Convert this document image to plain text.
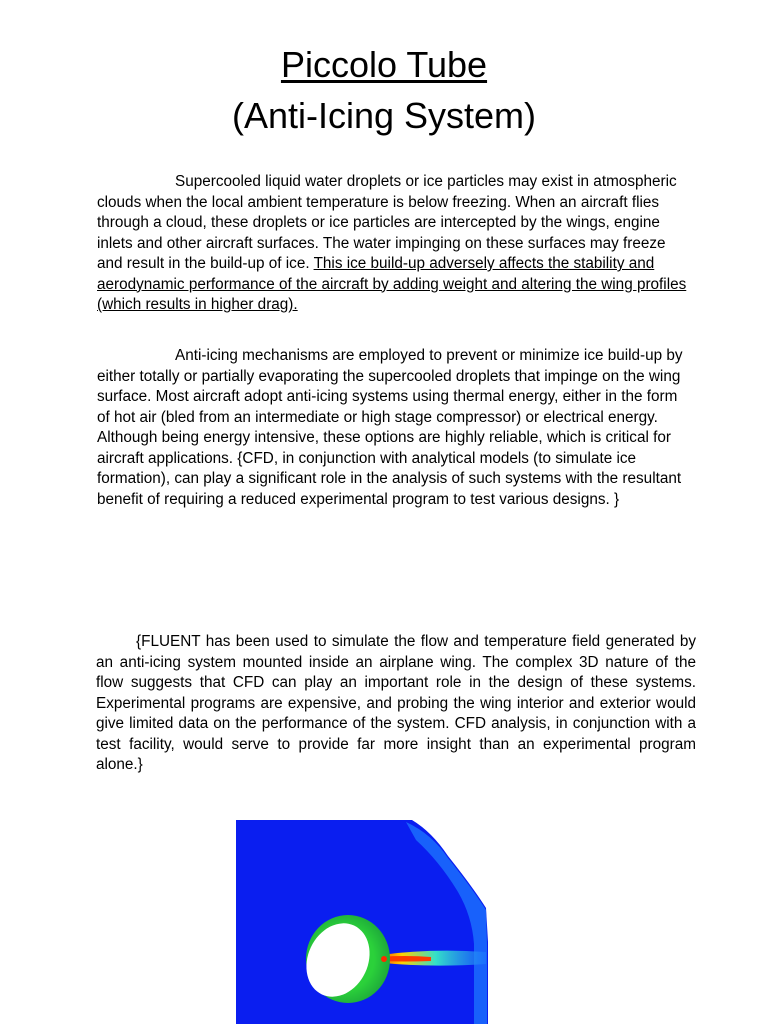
Piccolo Tube
(Anti-Icing System)

Supercooled liquid water droplets or ice particles may exist in atmospheric clouds when the local ambient temperature is below freezing. When an aircraft flies through a cloud, these droplets or ice particles are intercepted by the wings, engine inlets and other aircraft surfaces. The water impinging on these surfaces may freeze and result in the build-up of ice. This ice build-up adversely affects the stability and aerodynamic performance of the aircraft by adding weight and altering the wing profiles (which results in higher drag).

Anti-icing mechanisms are employed to prevent or minimize ice build-up by either totally or partially evaporating the supercooled droplets that impinge on the wing surface. Most aircraft adopt anti-icing systems using thermal energy, either in the form of hot air (bled from an intermediate or high stage compressor) or electrical energy. Although being energy intensive, these options are highly reliable, which is critical for aircraft applications. {CFD, in conjunction with analytical models (to simulate ice formation), can play a significant role in the analysis of such systems with the resultant benefit of requiring a reduced experimental program to test various designs. }

{FLUENT has been used to simulate the flow and temperature field generated by an anti-icing system mounted inside an airplane wing. The complex 3D nature of the flow suggests that CFD can play an important role in the design of these systems. Experimental programs are expensive, and probing the wing interior and exterior would give limited data on the performance of the system. CFD analysis, in conjunction with a test facility, would serve to provide far more insight than an experimental program alone.}
